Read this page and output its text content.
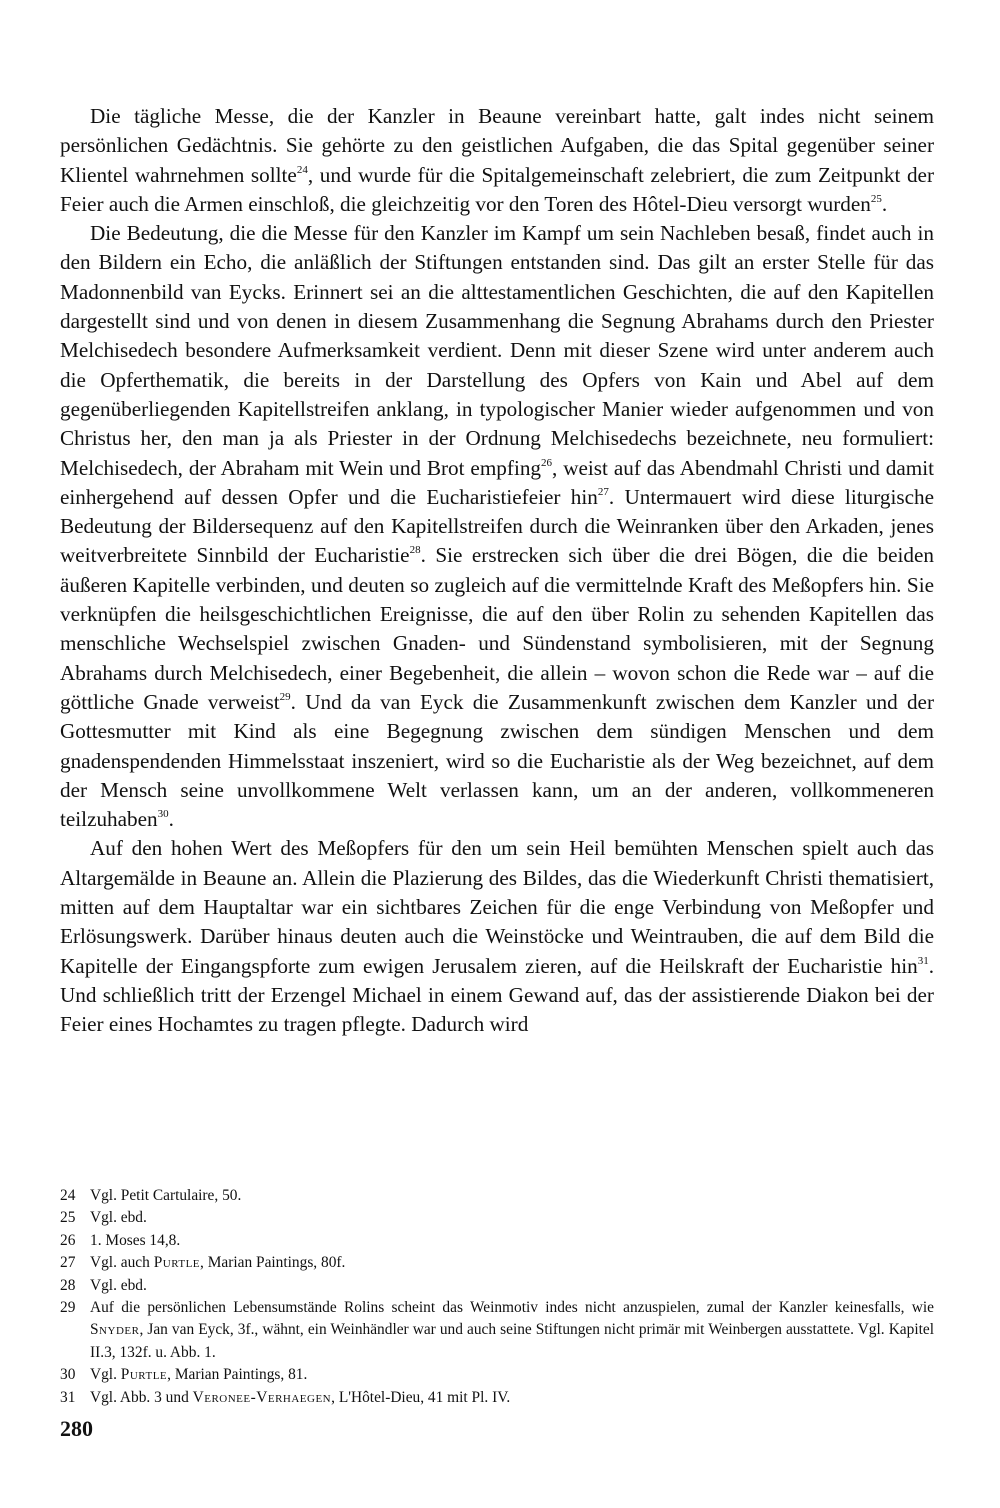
Die tägliche Messe, die der Kanzler in Beaune vereinbart hatte, galt indes nicht seinem persönlichen Gedächtnis. Sie gehörte zu den geistlichen Aufgaben, die das Spital gegenüber seiner Klientel wahrnehmen sollte$^{24}$, und wurde für die Spitalgemeinschaft zelebriert, die zum Zeitpunkt der Feier auch die Armen einschloß, die gleichzeitig vor den Toren des Hôtel-Dieu versorgt wurden$^{25}$.

Die Bedeutung, die die Messe für den Kanzler im Kampf um sein Nachleben besaß, findet auch in den Bildern ein Echo, die anläßlich der Stiftungen entstanden sind. Das gilt an erster Stelle für das Madonnenbild van Eycks. Erinnert sei an die alttestamentlichen Geschichten, die auf den Kapitellen dargestellt sind und von denen in diesem Zusammenhang die Segnung Abrahams durch den Priester Melchisedech besondere Aufmerksamkeit verdient. Denn mit dieser Szene wird unter anderem auch die Opferthematik, die bereits in der Darstellung des Opfers von Kain und Abel auf dem gegenüberliegenden Kapitellstreifen anklang, in typologischer Manier wieder aufgenommen und von Christus her, den man ja als Priester in der Ordnung Melchisedechs bezeichnete, neu formuliert: Melchisedech, der Abraham mit Wein und Brot empfing$^{26}$, weist auf das Abendmahl Christi und damit einhergehend auf dessen Opfer und die Eucharistiefeier hin$^{27}$. Untermauert wird diese liturgische Bedeutung der Bildersequenz auf den Kapitellstreifen durch die Weinranken über den Arkaden, jenes weitverbreitete Sinnbild der Eucharistie$^{28}$. Sie erstrecken sich über die drei Bögen, die die beiden äußeren Kapitelle verbinden, und deuten so zugleich auf die vermittelnde Kraft des Meßopfers hin. Sie verknüpfen die heilsgeschichtlichen Ereignisse, die auf den über Rolin zu sehenden Kapitellen das menschliche Wechselspiel zwischen Gnaden- und Sündenstand symbolisieren, mit der Segnung Abrahams durch Melchisedech, einer Begebenheit, die allein – wovon schon die Rede war – auf die göttliche Gnade verweist$^{29}$. Und da van Eyck die Zusammenkunft zwischen dem Kanzler und der Gottesmutter mit Kind als eine Begegnung zwischen dem sündigen Menschen und dem gnadenspendenden Himmelsstaat inszeniert, wird so die Eucharistie als der Weg bezeichnet, auf dem der Mensch seine unvollkommene Welt verlassen kann, um an der anderen, vollkommeneren teilzuhaben$^{30}$.

Auf den hohen Wert des Meßopfers für den um sein Heil bemühten Menschen spielt auch das Altargemälde in Beaune an. Allein die Plazierung des Bildes, das die Wiederkunft Christi thematisiert, mitten auf dem Hauptaltar war ein sichtbares Zeichen für die enge Verbindung von Meßopfer und Erlösungswerk. Darüber hinaus deuten auch die Weinstöcke und Weintrauben, die auf dem Bild die Kapitelle der Eingangspforte zum ewigen Jerusalem zieren, auf die Heilskraft der Eucharistie hin$^{31}$. Und schließlich tritt der Erzengel Michael in einem Gewand auf, das der assistierende Diakon bei der Feier eines Hochamtes zu tragen pflegte. Dadurch wird

24 Vgl. Petit Cartulaire, 50.
25 Vgl. ebd.
26 1. Moses 14,8.
27 Vgl. auch Purtle, Marian Paintings, 80f.
28 Vgl. ebd.
29 Auf die persönlichen Lebensumstände Rolins scheint das Weinmotiv indes nicht anzuspielen, zumal der Kanzler keinesfalls, wie Snyder, Jan van Eyck, 3f., wähnt, ein Weinhändler war und auch seine Stiftungen nicht primär mit Weinbergen ausstattete. Vgl. Kapitel II.3, 132f. u. Abb. 1.
30 Vgl. Purtle, Marian Paintings, 81.
31 Vgl. Abb. 3 und Veronee-Verhaegen, L'Hôtel-Dieu, 41 mit Pl. IV.
280
